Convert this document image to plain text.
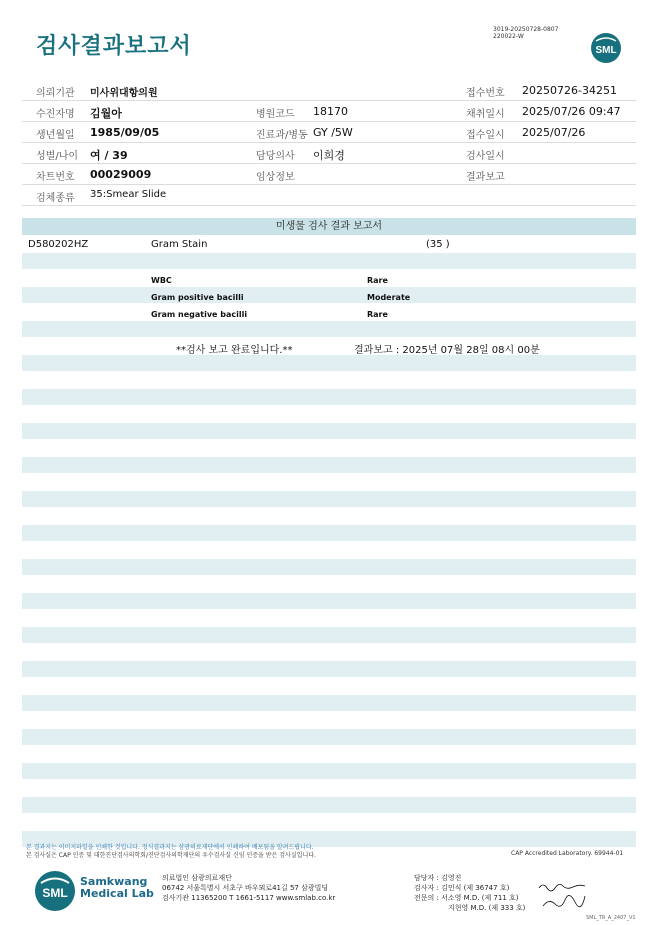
검사결과보고서
3019-20250728-0807
220022-W
SML
의뢰기관 미사위대항의원	접수번호 20250726-34251
수진자명 김월아	병원코드 18170	채취일시 2025/07/26 09:47
생년월일 1985/09/05	진료과/병동 GY /5W	접수일시 2025/07/26
성별/나이 여 / 39	담당의사 이희경	검사일시
차트번호 00029009	임상정보	결과보고
검체종류 35:Smear Slide
미생물 검사 결과 보고서
D580202HZ	Gram Stain	(35 )
WBC	Rare
Gram positive bacilli	Moderate
Gram negative bacilli	Rare
**검사 보고 완료입니다.**	결과보고 : 2025년 07월 28일 08시 00분
본 결과지는 이미지파일을 인쇄한 것입니다. 정식결과지는 삼광의료재단에서 인쇄하여 배포됨을 알려드립니다.
본 검사실은 CAP 인증 및 대한진단검사의학회/진단검사의학재단의 우수검사실 신임 인증을 받은 검사실입니다.	CAP Accredited Laboratory. 69944-01
SML
Samkwang
Medical Lab
의료법인 삼광의료재단
06742 서울특별시 서초구 바우뫼로41길 57 삼광빌딩
검사기관 11365200 T 1661-5117 www.smlab.co.kr
담당자 : 김영진
검사자 : 김민식 (제 36747 호)
전문의 : 서소영 M.D. (제 711 호)
지현영 M.D. (제 333 호)
SML_TR_A_2407_V1
